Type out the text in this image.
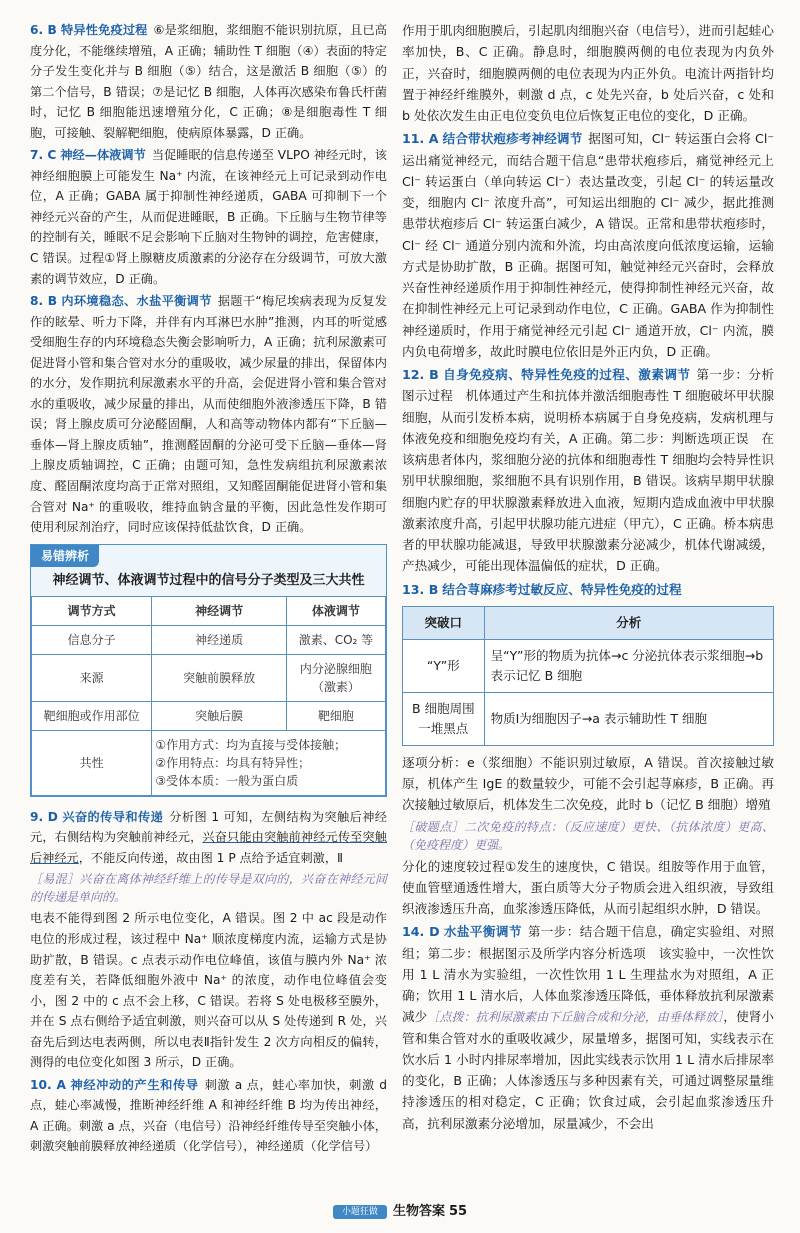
6. B 特异性免疫过程 ⑥是浆细胞，浆细胞不能识别抗原，且已高度分化，不能继续增殖，A 正确；辅助性 T 细胞（④）表面的特定分子发生变化并与 B 细胞（⑤）结合，这是激活 B 细胞（⑤）的第二个信号，B 错误；⑦是记忆 B 细胞，人体再次感染布鲁氏杆菌时，记忆 B 细胞能迅速增殖分化，C 正确；⑧是细胞毒性 T 细胞，可接触、裂解靶细胞，使病原体暴露，D 正确。

7. C 神经—体液调节 当促睡眠的信息传递至 VLPO 神经元时，该神经细胞膜上可能发生 Na⁺ 内流，在该神经元上可记录到动作电位，A 正确；GABA 属于抑制性神经递质，GABA 可抑制下一个神经元兴奋的产生，从而促进睡眠，B 正确。下丘脑与生物节律等的控制有关，睡眠不足会影响下丘脑对生物钟的调控，危害健康，C 错误。过程①肾上腺糖皮质激素的分泌存在分级调节，可放大激素的调节效应，D 正确。

8. B 内环境稳态、水盐平衡调节 据题干“梅尼埃病表现为反复发作的眩晕、听力下降，并伴有内耳淋巴水肿”推测，内耳的听觉感受细胞生存的内环境稳态失衡会影响听力，A 正确；抗利尿激素可促进肾小管和集合管对水分的重吸收，减少尿量的排出，保留体内的水分，发作期抗利尿激素水平的升高，会促进肾小管和集合管对水的重吸收，减少尿量的排出，从而使细胞外液渗透压下降，B 错误；肾上腺皮质可分泌醛固酮，人和高等动物体内都有“下丘脑—垂体—肾上腺皮质轴”，推测醛固酮的分泌可受下丘脑—垂体—肾上腺皮质轴调控，C 正确；由题可知，急性发病组抗利尿激素浓度、醛固酮浓度均高于正常对照组，又知醛固酮能促进肾小管和集合管对 Na⁺ 的重吸收，维持血钠含量的平衡，因此急性发作期可使用利尿剂治疗，同时应该保持低盐饮食，D 正确。

易错辨析
神经调节、体液调节过程中的信号分子类型及三大共性
调节方式	神经调节	体液调节
信息分子	神经递质	激素、CO₂ 等
来源	突触前膜释放	内分泌腺细胞（激素）
靶细胞或作用部位	突触后膜	靶细胞
共性	①作用方式：均为直接与受体接触；
②作用特点：均具有特异性；
③受体本质：一般为蛋白质	

9. D 兴奋的传导和传递 分析图 1 可知，左侧结构为突触后神经元，右侧结构为突触前神经元，兴奋只能由突触前神经元传至突触后神经元，不能反向传递，故由图 1 P 点给予适宜刺激，Ⅱ

［易混］兴奋在离体神经纤维上的传导是双向的，兴奋在神经元间的传递是单向的。

电表不能得到图 2 所示电位变化，A 错误。图 2 中 ac 段是动作电位的形成过程，该过程中 Na⁺ 顺浓度梯度内流，运输方式是协助扩散，B 错误。c 点表示动作电位峰值，该值与膜内外 Na⁺ 浓度差有关，若降低细胞外液中 Na⁺ 的浓度，动作电位峰值会变小，图 2 中的 c 点不会上移，C 错误。若将 S 处电极移至膜外，并在 S 点右侧给予适宜刺激，则兴奋可以从 S 处传递到 R 处，兴奋先后到达电表两侧，所以电表Ⅱ指针发生 2 次方向相反的偏转，测得的电位变化如图 3 所示，D 正确。

10. A 神经冲动的产生和传导 刺激 a 点，蛙心率加快，刺激 d 点，蛙心率减慢，推断神经纤维 A 和神经纤维 B 均为传出神经，A 正确。刺激 a 点，兴奋（电信号）沿神经纤维传导至突触小体，刺激突触前膜释放神经递质（化学信号），神经递质（化学信号）

作用于肌肉细胞膜后，引起肌肉细胞兴奋（电信号），进而引起蛙心率加快，B、C 正确。静息时，细胞膜两侧的电位表现为内负外正，兴奋时，细胞膜两侧的电位表现为内正外负。电流计两指针均置于神经纤维膜外，刺激 d 点，c 处先兴奋，b 处后兴奋，c 处和 b 处依次发生由正电位变负电位后恢复正电位的变化，D 正确。

11. A 结合带状疱疹考神经调节 据图可知，Cl⁻ 转运蛋白会将 Cl⁻ 运出痛觉神经元，而结合题干信息“患带状疱疹后，痛觉神经元上 Cl⁻ 转运蛋白（单向转运 Cl⁻）表达量改变，引起 Cl⁻ 的转运量改变，细胞内 Cl⁻ 浓度升高”，可知运出细胞的 Cl⁻ 减少，据此推测患带状疱疹后 Cl⁻ 转运蛋白减少，A 错误。正常和患带状疱疹时，Cl⁻ 经 Cl⁻ 通道分别内流和外流，均由高浓度向低浓度运输，运输方式是协助扩散，B 正确。据图可知，触觉神经元兴奋时，会释放兴奋性神经递质作用于抑制性神经元，使得抑制性神经元兴奋，故在抑制性神经元上可记录到动作电位，C 正确。GABA 作为抑制性神经递质时，作用于痛觉神经元引起 Cl⁻ 通道开放，Cl⁻ 内流，膜内负电荷增多，故此时膜电位依旧是外正内负，D 正确。

12. B 自身免疫病、特异性免疫的过程、激素调节 第一步：分析图示过程　机体通过产生和抗体并激活细胞毒性 T 细胞破坏甲状腺细胞，从而引发桥本病，说明桥本病属于自身免疫病，发病机理与体液免疫和细胞免疫均有关，A 正确。第二步：判断选项正误　在该病患者体内，浆细胞分泌的抗体和细胞毒性 T 细胞均会特异性识别甲状腺细胞，浆细胞不具有识别作用，B 错误。该病早期甲状腺细胞内贮存的甲状腺激素释放进入血液，短期内造成血液中甲状腺激素浓度升高，引起甲状腺功能亢进症（甲亢），C 正确。桥本病患者的甲状腺功能减退，导致甲状腺激素分泌减少，机体代谢减缓，产热减少，可能出现体温偏低的症状，D 正确。

13. B 结合荨麻疹考过敏反应、特异性免疫的过程

突破口	分析
“Y”形	呈“Y”形的物质为抗体→c 分泌抗体表示浆细胞→b 表示记忆 B 细胞
B 细胞周围一堆黑点	物质Ⅰ为细胞因子→a 表示辅助性 T 细胞

逐项分析：e（浆细胞）不能识别过敏原，A 错误。首次接触过敏原，机体产生 IgE 的数量较少，可能不会引起荨麻疹，B 正确。再次接触过敏原后，机体发生二次免疫，此时 b（记忆 B 细胞）增殖

［破题点］二次免疫的特点：（反应速度）更快、（抗体浓度）更高、（免疫程度）更强。

分化的速度较过程①发生的速度快，C 错误。组胺等作用于血管，使血管壁通透性增大，蛋白质等大分子物质会进入组织液，导致组织液渗透压升高，血浆渗透压降低，从而引起组织水肿，D 错误。

14. D 水盐平衡调节 第一步：结合题干信息，确定实验组、对照组；第二步：根据图示及所学内容分析选项　该实验中，一次性饮用 1 L 清水为实验组，一次性饮用 1 L 生理盐水为对照组，A 正确；饮用 1 L 清水后，人体血浆渗透压降低，垂体释放抗利尿激素减少［点拨：抗利尿激素由下丘脑合成和分泌，由垂体释放］，使肾小管和集合管对水的重吸收减少，尿量增多，据图可知，实线表示在饮水后 1 小时内排尿率增加，因此实线表示饮用 1 L 清水后排尿率的变化，B 正确；人体渗透压与多种因素有关，可通过调整尿量维持渗透压的相对稳定，C 正确；饮食过咸，会引起血浆渗透压升高，抗利尿激素分泌增加，尿量减少，不会出

小题狂做 生物答案 55
